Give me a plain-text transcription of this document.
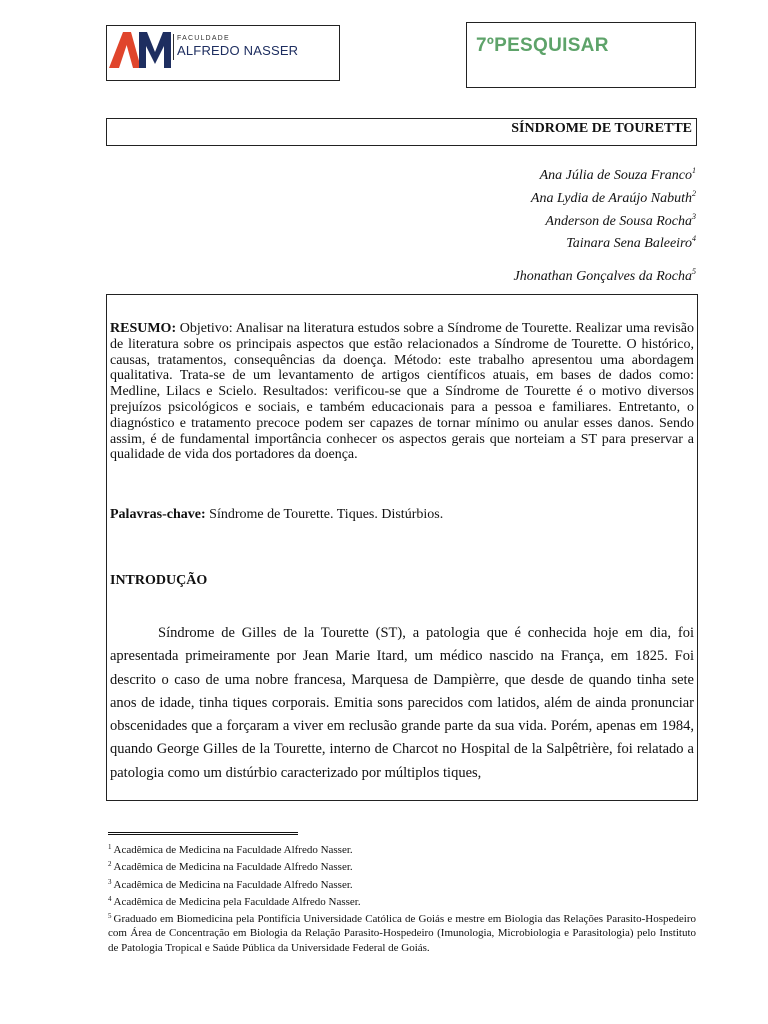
FACULDADE
ALFREDO NASSER	7ºPESQUISAR
SÍNDROME DE TOURETTE
Ana Júlia de Souza Franco$^1$
Ana Lydia de Araújo Nabuth$^2$
Anderson de Sousa Rocha$^3$
Tainara Sena Baleeiro$^4$
Jhonathan Gonçalves da Rocha$^5$

RESUMO: Objetivo: Analisar na literatura estudos sobre a Síndrome de Tourette. Realizar uma revisão de literatura sobre os principais aspectos que estão relacionados a Síndrome de Tourette. O histórico, causas, tratamentos, consequências da doença. Método: este trabalho apresentou uma abordagem qualitativa. Trata-se de um levantamento de artigos científicos atuais, em bases de dados como: Medline, Lilacs e Scielo. Resultados: verificou-se que a Síndrome de Tourette é o motivo diversos prejuízos psicológicos e sociais, e também educacionais para a pessoa e familiares. Entretanto, o diagnóstico e tratamento precoce podem ser capazes de tornar mínimo ou anular esses danos. Sendo assim, é de fundamental importância conhecer os aspectos gerais que norteiam a ST para preservar a qualidade de vida dos portadores da doença.

Palavras-chave: Síndrome de Tourette. Tiques. Distúrbios.

INTRODUÇÃO

Síndrome de Gilles de la Tourette (ST), a patologia que é conhecida hoje em dia, foi apresentada primeiramente por Jean Marie Itard, um médico nascido na França, em 1825. Foi descrito o caso de uma nobre francesa, Marquesa de Dampièrre, que desde de quando tinha sete anos de idade, tinha tiques corporais. Emitia sons parecidos com latidos, além de ainda pronunciar obscenidades que a forçaram a viver em reclusão grande parte da sua vida. Porém, apenas em 1984, quando George Gilles de la Tourette, interno de Charcot no Hospital de la Salpêtrière, foi relatado a patologia como um distúrbio caracterizado por múltiplos tiques,

$^1$ Acadêmica de Medicina na Faculdade Alfredo Nasser.

$^2$ Acadêmica de Medicina na Faculdade Alfredo Nasser.

$^3$ Acadêmica de Medicina na Faculdade Alfredo Nasser.

$^4$ Acadêmica de Medicina pela Faculdade Alfredo Nasser.

$^5$ Graduado em Biomedicina pela Pontifícia Universidade Católica de Goiás e mestre em Biologia das Relações Parasito-Hospedeiro com Área de Concentração em Biologia da Relação Parasito-Hospedeiro (Imunologia, Microbiologia e Parasitologia) pelo Instituto de Patologia Tropical e Saúde Pública da Universidade Federal de Goiás.
